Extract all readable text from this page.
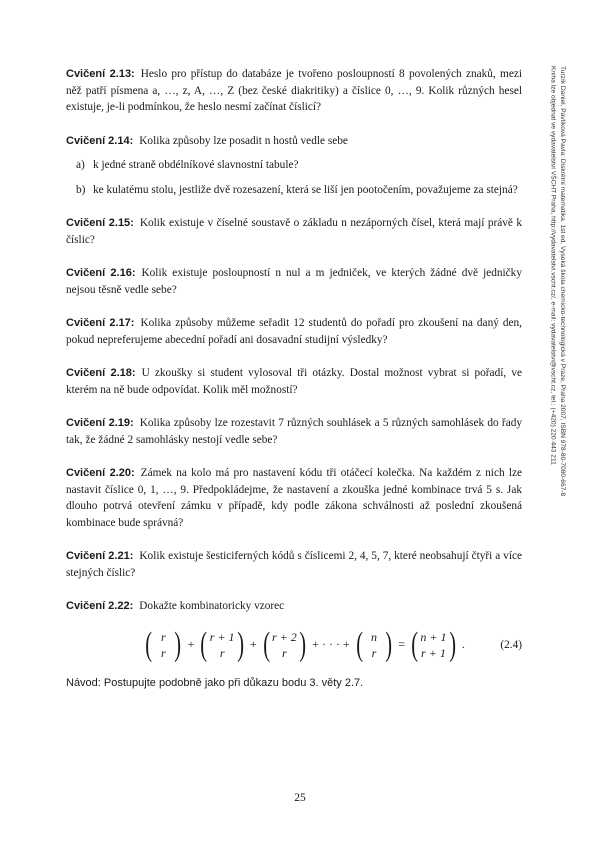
Cvičení 2.13: Heslo pro přístup do databáze je tvořeno posloupností 8 povolených znaků, mezi něž patří písmena a, …, z, A, …, Z (bez české diakritiky) a číslice 0, …, 9. Kolik různých hesel existuje, je-li podmínkou, že heslo nesmí začínat číslicí?

Cvičení 2.14: Kolika způsoby lze posadit n hostů vedle sebe

a) k jedné straně obdélníkové slavnostní tabule?
b) ke kulatému stolu, jestliže dvě rozesazení, která se liší jen pootočením, považujeme za stejná?

Cvičení 2.15: Kolik existuje v číselné soustavě o základu n nezáporných čísel, která mají právě k číslic?

Cvičení 2.16: Kolik existuje posloupností n nul a m jedniček, ve kterých žádné dvě jedničky nejsou těsně vedle sebe?

Cvičení 2.17: Kolika způsoby můžeme seřadit 12 studentů do pořadí pro zkoušení na daný den, pokud nepreferujeme abecední pořadí ani dosavadní studijní výsledky?

Cvičení 2.18: U zkoušky si student vylosoval tři otázky. Dostal možnost vybrat si pořadí, ve kterém na ně bude odpovídat. Kolik měl možností?

Cvičení 2.19: Kolika způsoby lze rozestavit 7 různých souhlásek a 5 různých samohlásek do řady tak, že žádné 2 samohlásky nestojí vedle sebe?

Cvičení 2.20: Zámek na kolo má pro nastavení kódu tři otáčecí kolečka. Na každém z nich lze nastavit číslice 0, 1, …, 9. Předpokládejme, že nastavení a zkouška jedné kombinace trvá 5 s. Jak dlouho potrvá otevření zámku v případě, kdy podle zákona schválnosti až poslední zkoušená kombinace bude správná?

Cvičení 2.21: Kolik existuje šesticiferných kódů s číslicemi 2, 4, 5, 7, které neobsahují čtyři a více stejných číslic?

Cvičení 2.22: Dokažte kombinatoricky vzorec

( r
r ) + ( r + 1
r ) + ( r + 2
r ) + · · · + ( n
r ) = ( n + 1
r + 1 ) .	(2.4)

Návod: Postupujte podobně jako při důkazu bodu 3. věty 2.7.

25
Turzík Daniel, Pavlíková Pavla: Diskrétní matematika. 1st ed. Vysoká škola chemicko-technologická v Praze, Praha 2007, ISBN 978-80-7080-667-8
Kniha lze objednat ve vydavatelství VŠCHT Praha, http://vydavatelstvi.vscht.cz/, e-mail: vydavatelstvi@vscht.cz, tel.: (+420) 220 443 211
